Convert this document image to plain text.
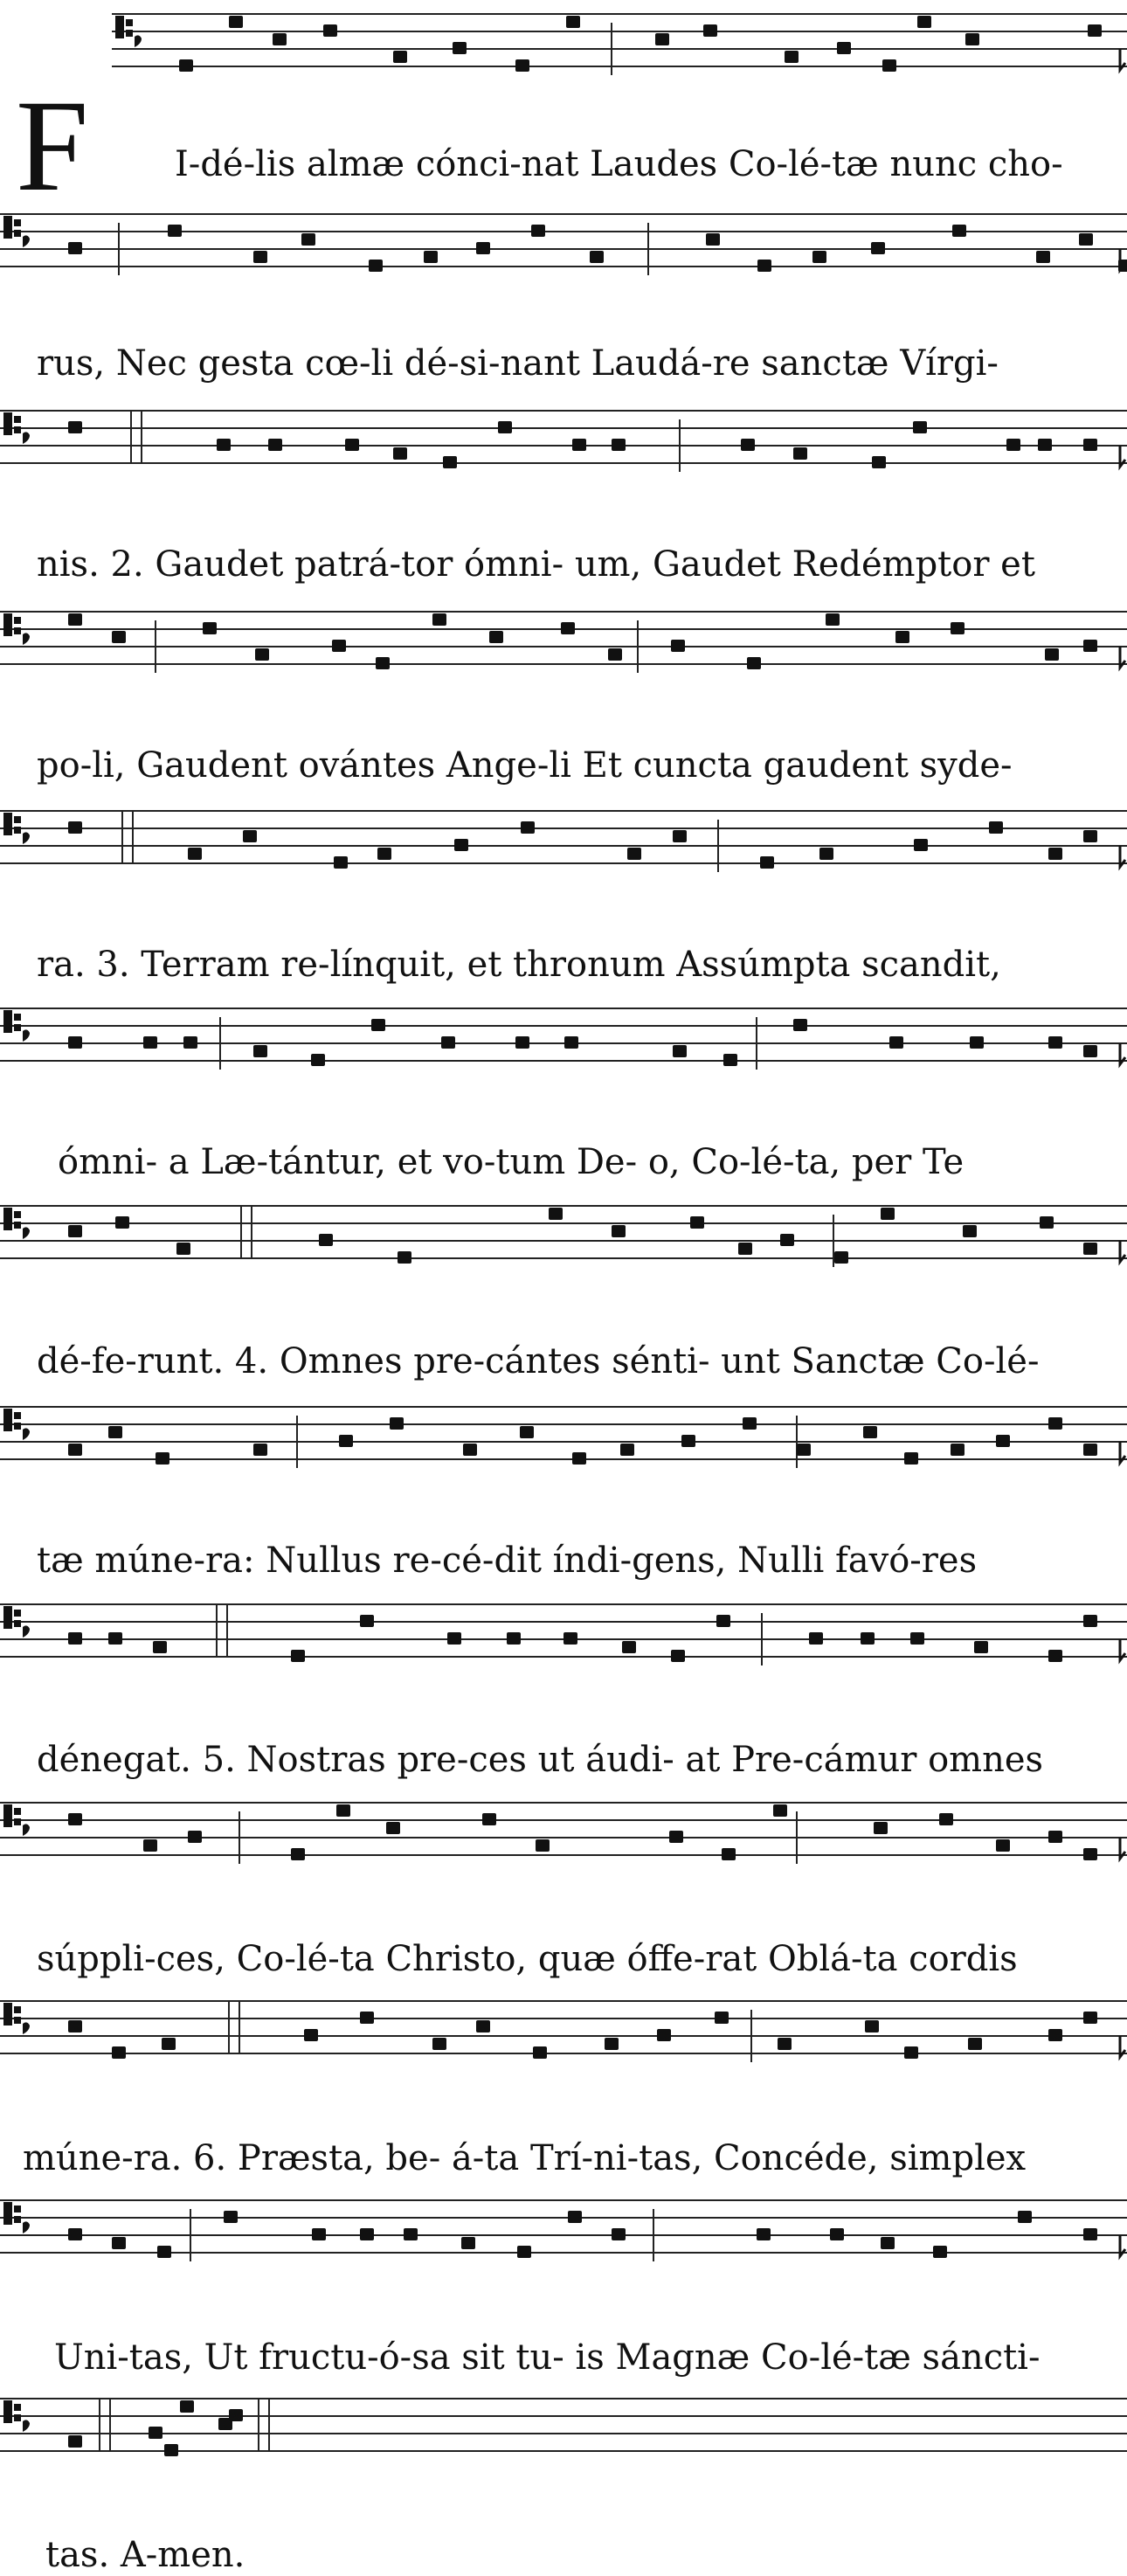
F I-dé-lis almæ cónci-nat Laudes Co-lé-tæ nunc cho-
rus, Nec gesta cœ-li dé-si-nant Laudá-re sanctæ Vírgi-
nis. 2. Gaudet patrá-tor ómni- um, Gaudet Redémptor et
po-li, Gaudent ovántes Ange-li Et cuncta gaudent syde-
ra. 3. Terram re-línquit, et thronum Assúmpta scandit,
ómni- a Læ-tántur, et vo-tum De- o, Co-lé-ta, per Te
dé-fe-runt. 4. Omnes pre-cántes sénti- unt Sanctæ Co-lé-
tæ múne-ra: Nullus re-cé-dit índi-gens, Nulli favó-res
dénegat. 5. Nostras pre-ces ut áudi- at Pre-cámur omnes
súppli-ces, Co-lé-ta Christo, quæ óffe-rat Oblá-ta cordis
múne-ra. 6. Præsta, be- á-ta Trí-ni-tas, Concéde, simplex
Uni-tas, Ut fructu-ó-sa sit tu- is Magnæ Co-lé-tæ sáncti-
tas. A-men.
